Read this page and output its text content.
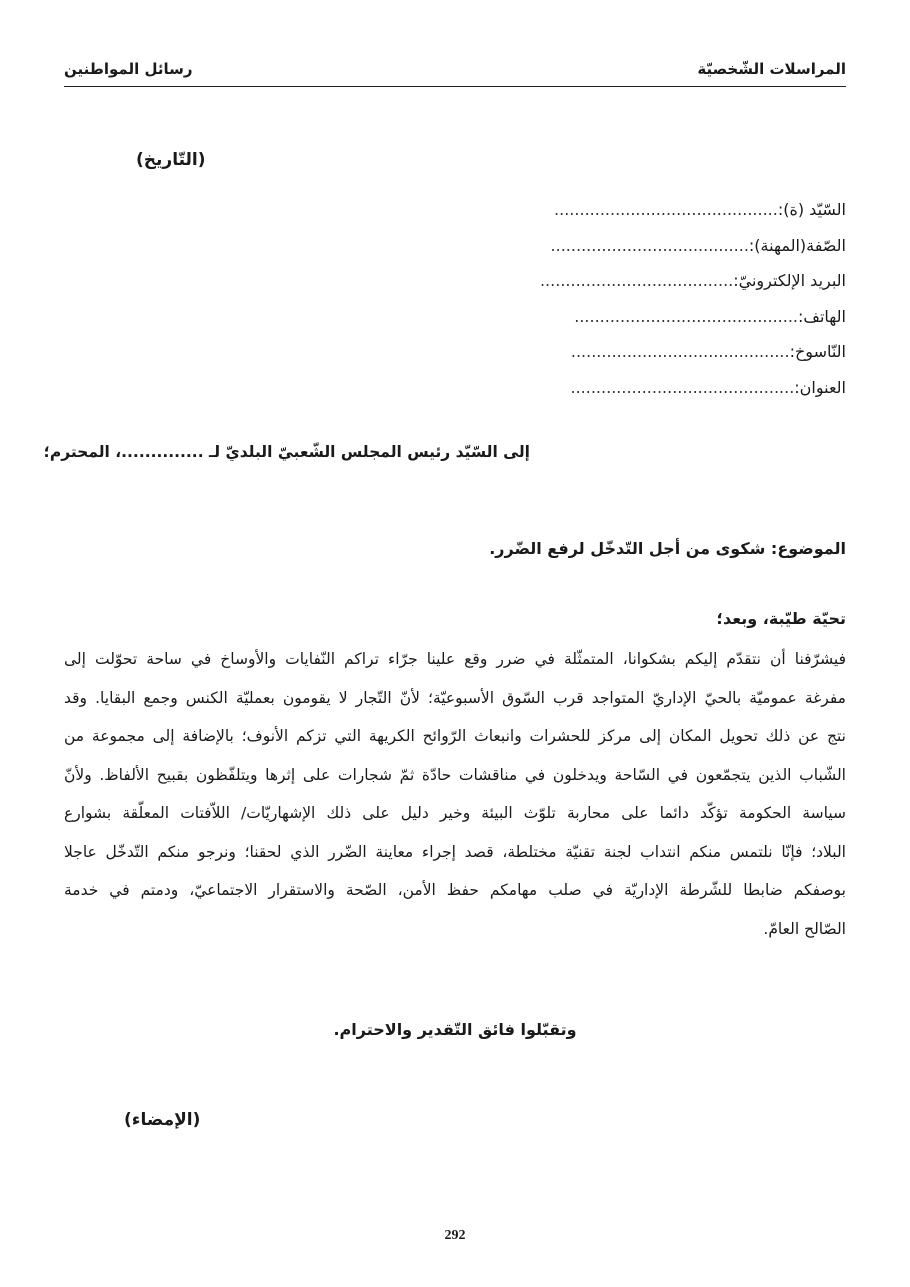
المراسلات الشّخصيّة
رسائل المواطنين
(التّاريخ)
السّيّد (ة):............................................
الصّفة(المهنة):.......................................
البريد الإلكترونيّ:......................................
الهاتف:............................................
النّاسوخ:...........................................
العنوان:............................................
إلى السّيّد رئيس المجلس الشّعبيّ البلديّ لـ ..............، المحترم؛
الموضوع: شكوى من أجل التّدخّل لرفع الضّرر.
تحيّة طيّبة، وبعد؛

فيشرّفنا أن نتقدّم إليكم بشكوانا، المتمثّلة في ضرر وقع علينا جرّاء تراكم النّفايات والأوساخ في ساحة تحوّلت إلى
مفرغة عموميّة بالحيّ الإداريّ المتواجد قرب السّوق الأسبوعيّة؛ لأنّ التّجار لا يقومون بعمليّة الكنس وجمع البقايا. وقد
نتج عن ذلك تحويل المكان إلى مركز للحشرات وانبعاث الرّوائح الكريهة التي تزكم الأنوف؛ بالإضافة إلى مجموعة من
الشّباب الذين يتجمّعون في السّاحة ويدخلون في مناقشات حادّة ثمّ شجارات على إثرها ويتلفّظون بقبيح الألفاظ. ولأنّ
سياسة الحكومة تؤكّد دائما على محاربة تلوّث البيئة وخير دليل على ذلك الإشهاريّات/ اللاّفتات المعلّقة بشوارع
البلاد؛ فإنّا نلتمس منكم انتداب لجنة تقنيّة مختلطة، قصد إجراء معاينة الضّرر الذي لحقنا؛ ونرجو منكم التّدخّل عاجلا
بوصفكم ضابطا للشّرطة الإداريّة في صلب مهامكم حفظ الأمن، الصّحة والاستقرار الاجتماعيّ، ودمتم في خدمة
الصّالح العامّ.

وتقبّلوا فائق التّقدير والاحترام.
(الإمضاء)
292
